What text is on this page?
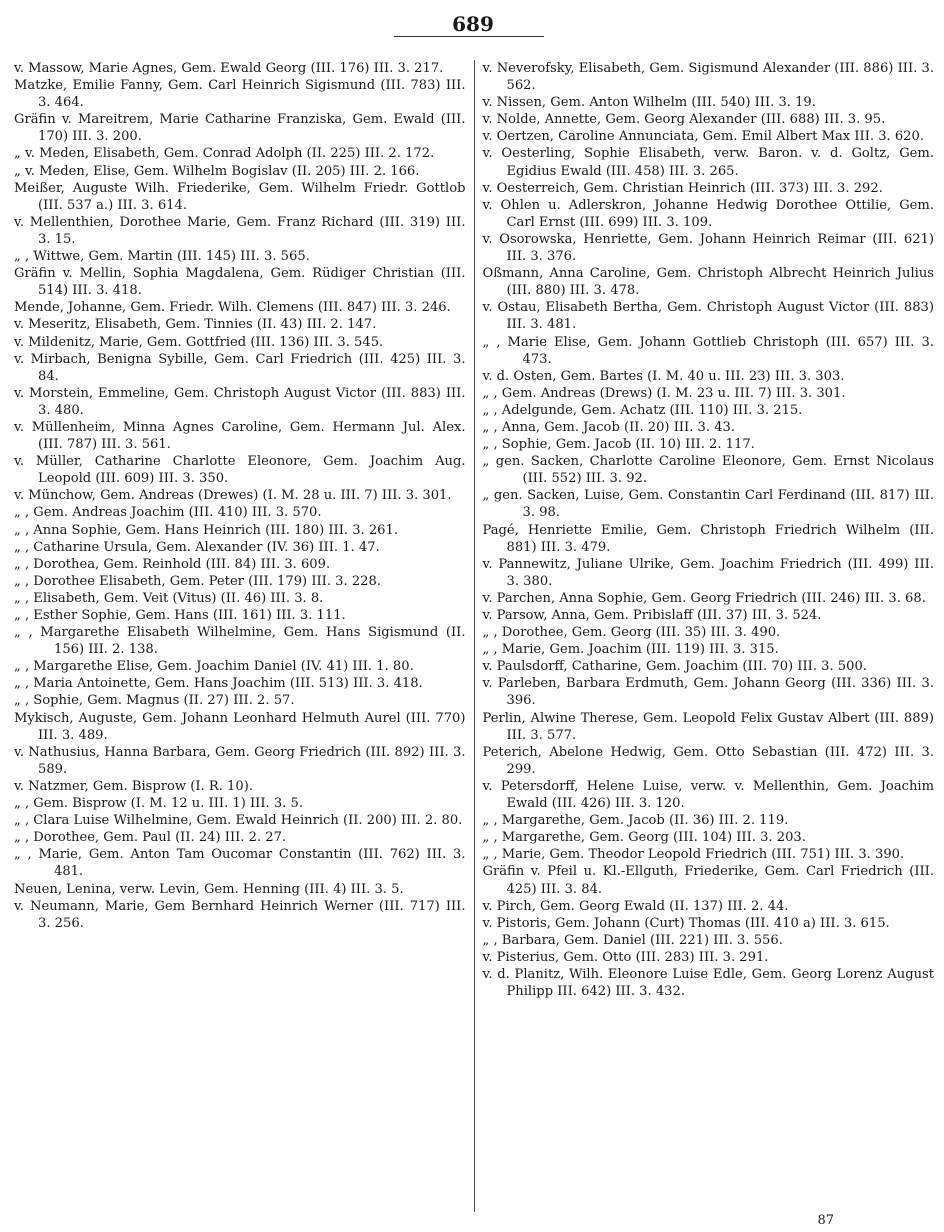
689

v. Massow, Marie Agnes, Gem. Ewald Georg (III. 176) III. 3. 217.

Matzke, Emilie Fanny, Gem. Carl Heinrich Sigismund (III. 783) III. 3. 464.

Gräfin v. Mareitrem, Marie Catharine Franziska, Gem. Ewald (III. 170) III. 3. 200.

„ v. Meden, Elisabeth, Gem. Conrad Adolph (II. 225) III. 2. 172.

„ v. Meden, Elise, Gem. Wilhelm Bogislav (II. 205) III. 2. 166.

Meißer, Auguste Wilh. Friederike, Gem. Wilhelm Friedr. Gottlob (III. 537 a.) III. 3. 614.

v. Mellenthien, Dorothee Marie, Gem. Franz Richard (III. 319) III. 3. 15.

„ , Wittwe, Gem. Martin (III. 145) III. 3. 565.

Gräfin v. Mellin, Sophia Magdalena, Gem. Rüdiger Christian (III. 514) III. 3. 418.

Mende, Johanne, Gem. Friedr. Wilh. Clemens (III. 847) III. 3. 246.

v. Meseritz, Elisabeth, Gem. Tinnies (II. 43) III. 2. 147.

v. Mildenitz, Marie, Gem. Gottfried (III. 136) III. 3. 545.

v. Mirbach, Benigna Sybille, Gem. Carl Friedrich (III. 425) III. 3. 84.

v. Morstein, Emmeline, Gem. Christoph August Victor (III. 883) III. 3. 480.

v. Müllenheim, Minna Agnes Caroline, Gem. Hermann Jul. Alex. (III. 787) III. 3. 561.

v. Müller, Catharine Charlotte Eleonore, Gem. Joachim Aug. Leopold (III. 609) III. 3. 350.

v. Münchow, Gem. Andreas (Drewes) (I. M. 28 u. III. 7) III. 3. 301.

„ , Gem. Andreas Joachim (III. 410) III. 3. 570.

„ , Anna Sophie, Gem. Hans Heinrich (III. 180) III. 3. 261.

„ , Catharine Ursula, Gem. Alexander (IV. 36) III. 1. 47.

„ , Dorothea, Gem. Reinhold (III. 84) III. 3. 609.

„ , Dorothee Elisabeth, Gem. Peter (III. 179) III. 3. 228.

„ , Elisabeth, Gem. Veit (Vitus) (II. 46) III. 3. 8.

„ , Esther Sophie, Gem. Hans (III. 161) III. 3. 111.

„ , Margarethe Elisabeth Wilhelmine, Gem. Hans Sigismund (II. 156) III. 2. 138.

„ , Margarethe Elise, Gem. Joachim Daniel (IV. 41) III. 1. 80.

„ , Maria Antoinette, Gem. Hans Joachim (III. 513) III. 3. 418.

„ , Sophie, Gem. Magnus (II. 27) III. 2. 57.

Mykisch, Auguste, Gem. Johann Leonhard Helmuth Aurel (III. 770) III. 3. 489.

v. Nathusius, Hanna Barbara, Gem. Georg Friedrich (III. 892) III. 3. 589.

v. Natzmer, Gem. Bisprow (I. R. 10).

„ , Gem. Bisprow (I. M. 12 u. III. 1) III. 3. 5.

„ , Clara Luise Wilhelmine, Gem. Ewald Heinrich (II. 200) III. 2. 80.

„ , Dorothee, Gem. Paul (II. 24) III. 2. 27.

„ , Marie, Gem. Anton Tam Oucomar Constantin (III. 762) III. 3. 481.

Neuen, Lenina, verw. Levin, Gem. Henning (III. 4) III. 3. 5.

v. Neumann, Marie, Gem Bernhard Heinrich Werner (III. 717) III. 3. 256.

v. Neverofsky, Elisabeth, Gem. Sigismund Alexander (III. 886) III. 3. 562.

v. Nissen, Gem. Anton Wilhelm (III. 540) III. 3. 19.

v. Nolde, Annette, Gem. Georg Alexander (III. 688) III. 3. 95.

v. Oertzen, Caroline Annunciata, Gem. Emil Albert Max III. 3. 620.

v. Oesterling, Sophie Elisabeth, verw. Baron. v. d. Goltz, Gem. Egidius Ewald (III. 458) III. 3. 265.

v. Oesterreich, Gem. Christian Heinrich (III. 373) III. 3. 292.

v. Ohlen u. Adlerskron, Johanne Hedwig Dorothee Ottilie, Gem. Carl Ernst (III. 699) III. 3. 109.

v. Osorowska, Henriette, Gem. Johann Heinrich Reimar (III. 621) III. 3. 376.

Oßmann, Anna Caroline, Gem. Christoph Albrecht Heinrich Julius (III. 880) III. 3. 478.

v. Ostau, Elisabeth Bertha, Gem. Christoph August Victor (III. 883) III. 3. 481.

„ , Marie Elise, Gem. Johann Gottlieb Christoph (III. 657) III. 3. 473.

v. d. Osten, Gem. Bartes (I. M. 40 u. III. 23) III. 3. 303.

„ , Gem. Andreas (Drews) (I. M. 23 u. III. 7) III. 3. 301.

„ , Adelgunde, Gem. Achatz (III. 110) III. 3. 215.

„ , Anna, Gem. Jacob (II. 20) III. 3. 43.

„ , Sophie, Gem. Jacob (II. 10) III. 2. 117.

„ gen. Sacken, Charlotte Caroline Eleonore, Gem. Ernst Nicolaus (III. 552) III. 3. 92.

„ gen. Sacken, Luise, Gem. Constantin Carl Ferdinand (III. 817) III. 3. 98.

Pagé, Henriette Emilie, Gem. Christoph Friedrich Wilhelm (III. 881) III. 3. 479.

v. Pannewitz, Juliane Ulrike, Gem. Joachim Friedrich (III. 499) III. 3. 380.

v. Parchen, Anna Sophie, Gem. Georg Friedrich (III. 246) III. 3. 68.

v. Parsow, Anna, Gem. Pribislaff (III. 37) III. 3. 524.

„ , Dorothee, Gem. Georg (III. 35) III. 3. 490.

„ , Marie, Gem. Joachim (III. 119) III. 3. 315.

v. Paulsdorff, Catharine, Gem. Joachim (III. 70) III. 3. 500.

v. Parleben, Barbara Erdmuth, Gem. Johann Georg (III. 336) III. 3. 396.

Perlin, Alwine Therese, Gem. Leopold Felix Gustav Albert (III. 889) III. 3. 577.

Peterich, Abelone Hedwig, Gem. Otto Sebastian (III. 472) III. 3. 299.

v. Petersdorff, Helene Luise, verw. v. Mellenthin, Gem. Joachim Ewald (III. 426) III. 3. 120.

„ , Margarethe, Gem. Jacob (II. 36) III. 2. 119.

„ , Margarethe, Gem. Georg (III. 104) III. 3. 203.

„ , Marie, Gem. Theodor Leopold Friedrich (III. 751) III. 3. 390.

Gräfin v. Pfeil u. Kl.-Ellguth, Friederike, Gem. Carl Friedrich (III. 425) III. 3. 84.

v. Pirch, Gem. Georg Ewald (II. 137) III. 2. 44.

v. Pistoris, Gem. Johann (Curt) Thomas (III. 410 a) III. 3. 615.

„ , Barbara, Gem. Daniel (III. 221) III. 3. 556.

v. Pisterius, Gem. Otto (III. 283) III. 3. 291.

v. d. Planitz, Wilh. Eleonore Luise Edle, Gem. Georg Lorenz August Philipp III. 642) III. 3. 432.

87
